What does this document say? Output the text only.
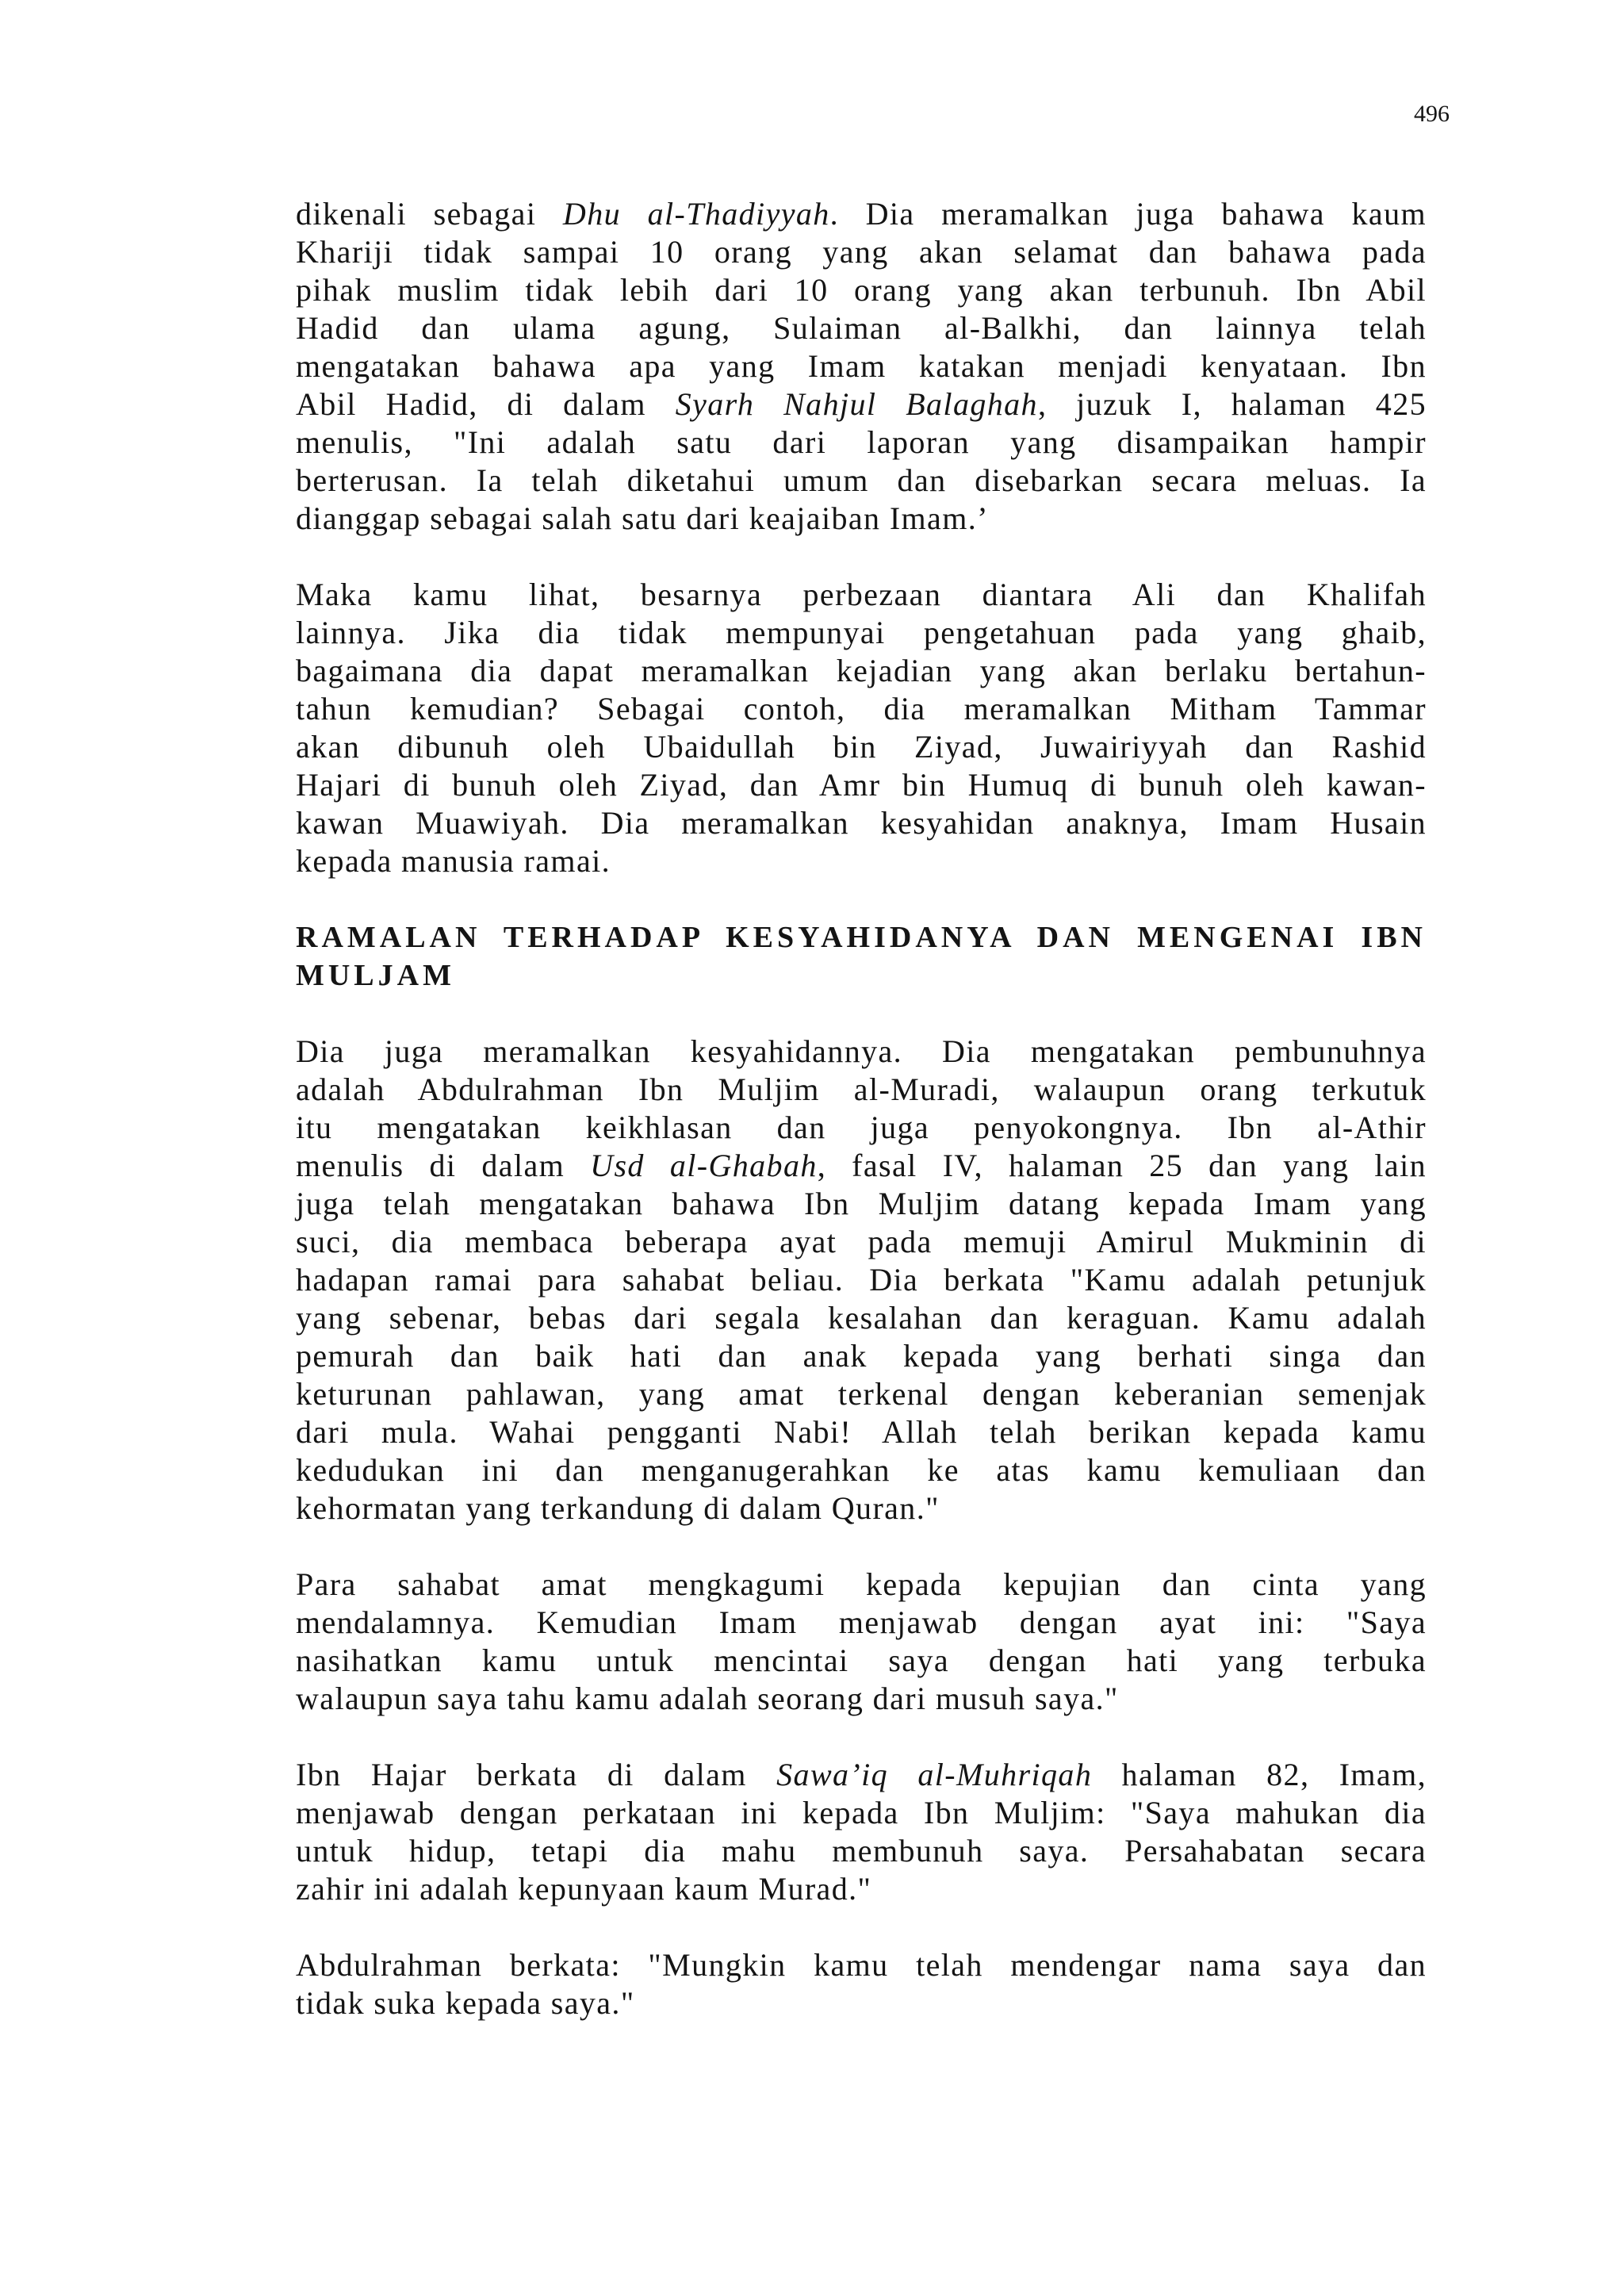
496
dikenali sebagai Dhu al-Thadiyyah. Dia meramalkan juga bahawa kaum
Khariji tidak sampai 10 orang yang akan selamat dan bahawa pada
pihak muslim tidak lebih dari 10 orang yang akan terbunuh. Ibn Abil
Hadid dan ulama agung, Sulaiman al-Balkhi, dan lainnya telah
mengatakan bahawa apa yang Imam katakan menjadi kenyataan. Ibn
Abil Hadid, di dalam Syarh Nahjul Balaghah, juzuk I, halaman 425
menulis, "Ini adalah satu dari laporan yang disampaikan hampir
berterusan. Ia telah diketahui umum dan disebarkan secara meluas. Ia
dianggap sebagai salah satu dari keajaiban Imam.’
Maka kamu lihat, besarnya perbezaan diantara Ali dan Khalifah
lainnya. Jika dia tidak mempunyai pengetahuan pada yang ghaib,
bagaimana dia dapat meramalkan kejadian yang akan berlaku bertahun-
tahun kemudian? Sebagai contoh, dia meramalkan Mitham Tammar
akan dibunuh oleh Ubaidullah bin Ziyad, Juwairiyyah dan Rashid
Hajari di bunuh oleh Ziyad, dan Amr bin Humuq di bunuh oleh kawan-
kawan Muawiyah. Dia meramalkan kesyahidan anaknya, Imam Husain
kepada manusia ramai.
RAMALAN TERHADAP KESYAHIDANYA DAN MENGENAI IBN
MULJAM
Dia juga meramalkan kesyahidannya. Dia mengatakan pembunuhnya
adalah Abdulrahman Ibn Muljim al-Muradi, walaupun orang terkutuk
itu mengatakan keikhlasan dan juga penyokongnya. Ibn al-Athir
menulis di dalam Usd al-Ghabah, fasal IV, halaman 25 dan yang lain
juga telah mengatakan bahawa Ibn Muljim datang kepada Imam yang
suci, dia membaca beberapa ayat pada memuji Amirul Mukminin di
hadapan ramai para sahabat beliau. Dia berkata "Kamu adalah petunjuk
yang sebenar, bebas dari segala kesalahan dan keraguan. Kamu adalah
pemurah dan baik hati dan anak kepada yang berhati singa dan
keturunan pahlawan, yang amat terkenal dengan keberanian semenjak
dari mula. Wahai pengganti Nabi! Allah telah berikan kepada kamu
kedudukan ini dan menganugerahkan ke atas kamu kemuliaan dan
kehormatan yang terkandung di dalam Quran."
Para sahabat amat mengkagumi kepada kepujian dan cinta yang
mendalamnya. Kemudian Imam menjawab dengan ayat ini: "Saya
nasihatkan kamu untuk mencintai saya dengan hati yang terbuka
walaupun saya tahu kamu adalah seorang dari musuh saya."
Ibn Hajar berkata di dalam Sawa’iq al-Muhriqah halaman 82, Imam,
menjawab dengan perkataan ini kepada Ibn Muljim: "Saya mahukan dia
untuk hidup, tetapi dia mahu membunuh saya. Persahabatan secara
zahir ini adalah kepunyaan kaum Murad."
Abdulrahman berkata: "Mungkin kamu telah mendengar nama saya dan
tidak suka kepada saya."
